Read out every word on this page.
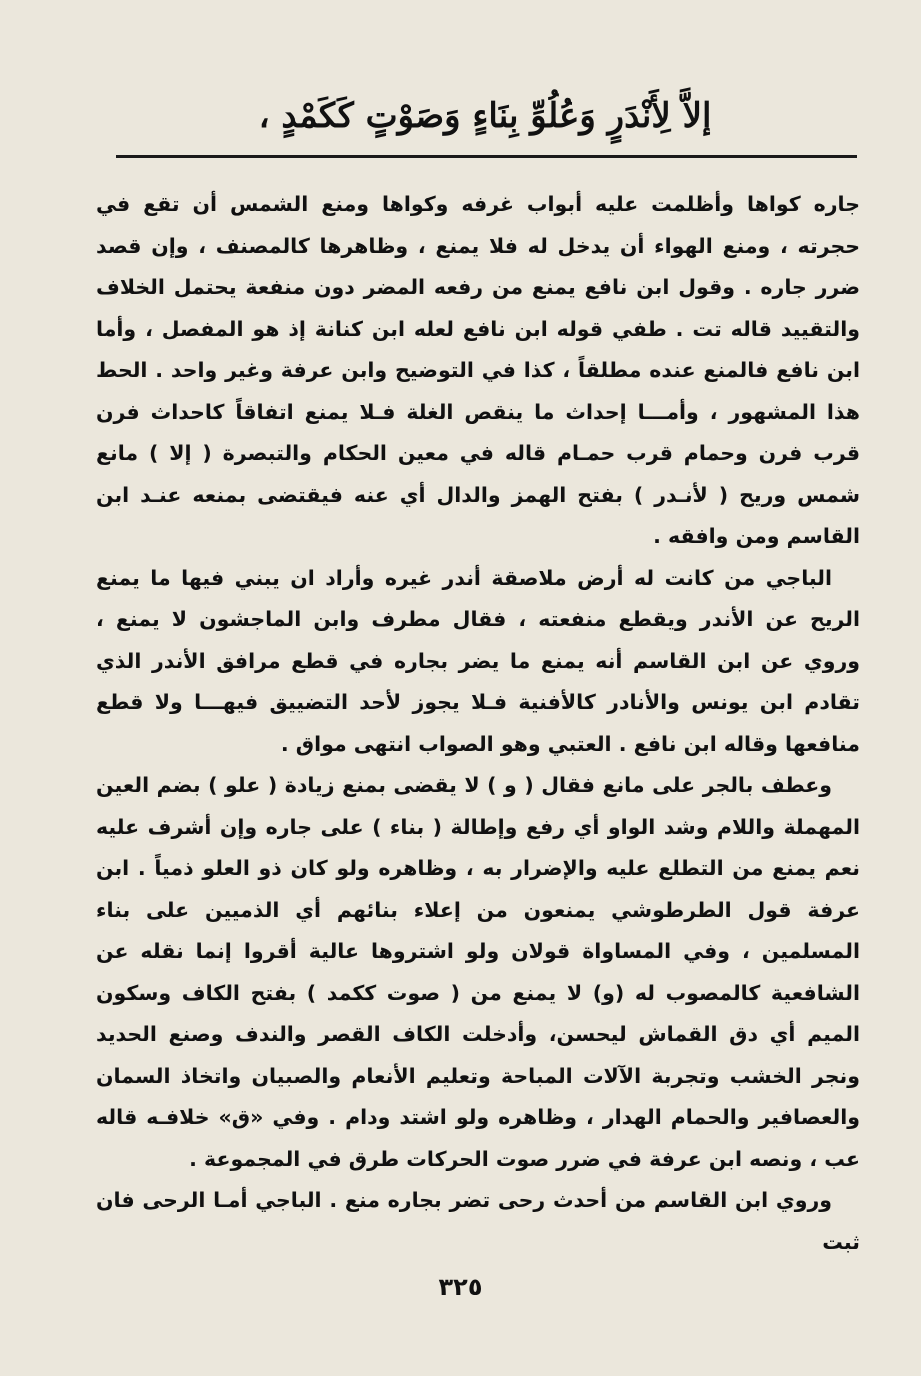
إلاَّ لِأَنْدَرٍ وَعُلُوِّ بِنَاءٍ وَصَوْتٍ كَكَمْدٍ ،

جاره كواها وأظلمت عليه أبواب غرفه وكواها ومنع الشمس أن تقع في حجرته ، ومنع الهواء أن يدخل له فلا يمنع ، وظاهرها كالمصنف ، وإن قصد ضرر جاره . وقول ابن نافع يمنع من رفعه المضر دون منفعة يحتمل الخلاف والتقييد قاله تت . طفي قوله ابن نافع لعله ابن كنانة إذ هو المفصل ، وأما ابن نافع فالمنع عنده مطلقاً ، كذا في التوضيح وابن عرفة وغير واحد . الحط هذا المشهور ، وأمـــا إحداث ما ينقص الغلة فـلا يمنع اتفاقاً كاحداث فرن قرب فرن وحمام قرب حمـام قاله في معين الحكام والتبصرة ( إلا ) مانع شمس وريح ( لأنـدر ) بفتح الهمز والدال أي عنه فيقتضى بمنعه عنـد ابن القاسم ومن وافقه .

الباجي من كانت له أرض ملاصقة أندر غيره وأراد ان يبني فيها ما يمنع الريح عن الأندر ويقطع منفعته ، فقال مطرف وابن الماجشون لا يمنع ، وروي عن ابن القاسم أنه يمنع ما يضر بجاره في قطع مرافق الأندر الذي تقادم ابن يونس والأنادر كالأفنية فـلا يجوز لأحد التضييق فيهـــا ولا قطع منافعها وقاله ابن نافع . العتبي وهو الصواب انتهى مواق .

وعطف بالجر على مانع فقال ( و ) لا يقضى بمنع زيادة ( علو ) بضم العين المهملة واللام وشد الواو أي رفع وإطالة ( بناء ) على جاره وإن أشرف عليه نعم يمنع من التطلع عليه والإضرار به ، وظاهره ولو كان ذو العلو ذمياً . ابن عرفة قول الطرطوشي يمنعون من إعلاء بنائهم أي الذميين على بناء المسلمين ، وفي المساواة قولان ولو اشتروها عالية أقروا إنما نقله عن الشافعية كالمصوب له (و) لا يمنع من ( صوت ككمد ) بفتح الكاف وسكون الميم أي دق القماش ليحسن، وأدخلت الكاف القصر والندف وصنع الحديد ونجر الخشب وتجربة الآلات المباحة وتعليم الأنعام والصبيان واتخاذ السمان والعصافير والحمام الهدار ، وظاهره ولو اشتد ودام . وفي «ق» خلافـه قاله عب ، ونصه ابن عرفة في ضرر صوت الحركات طرق في المجموعة .

وروي ابن القاسم من أحدث رحى تضر بجاره منع . الباجي أمـا الرحى فان ثبت

٣٢٥
